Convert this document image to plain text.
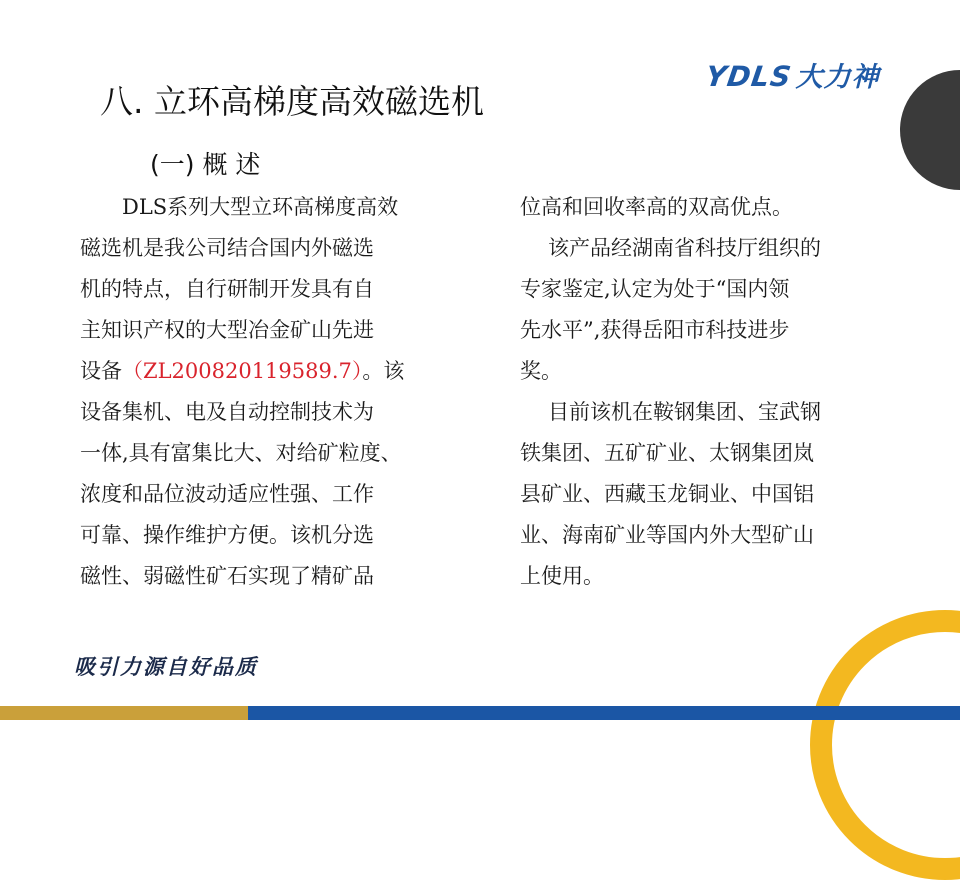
YDLS 大力神
八. 立环高梯度高效磁选机
(一) 概 述
DLS系列大型立环高梯度高效
磁选机是我公司结合国内外磁选
机的特点，自行研制开发具有自
主知识产权的大型冶金矿山先进
设备（ZL200820119589.7）。该
设备集机、电及自动控制技术为
一体,具有富集比大、对给矿粒度、
浓度和品位波动适应性强、工作
可靠、操作维护方便。该机分选
磁性、弱磁性矿石实现了精矿品
位高和回收率高的双高优点。
该产品经湖南省科技厅组织的
专家鉴定,认定为处于“国内领
先水平”,获得岳阳市科技进步
奖。
目前该机在鞍钢集团、宝武钢
铁集团、五矿矿业、太钢集团岚
县矿业、西藏玉龙铜业、中国铝
业、海南矿业等国内外大型矿山
上使用。
吸引力源自好品质
